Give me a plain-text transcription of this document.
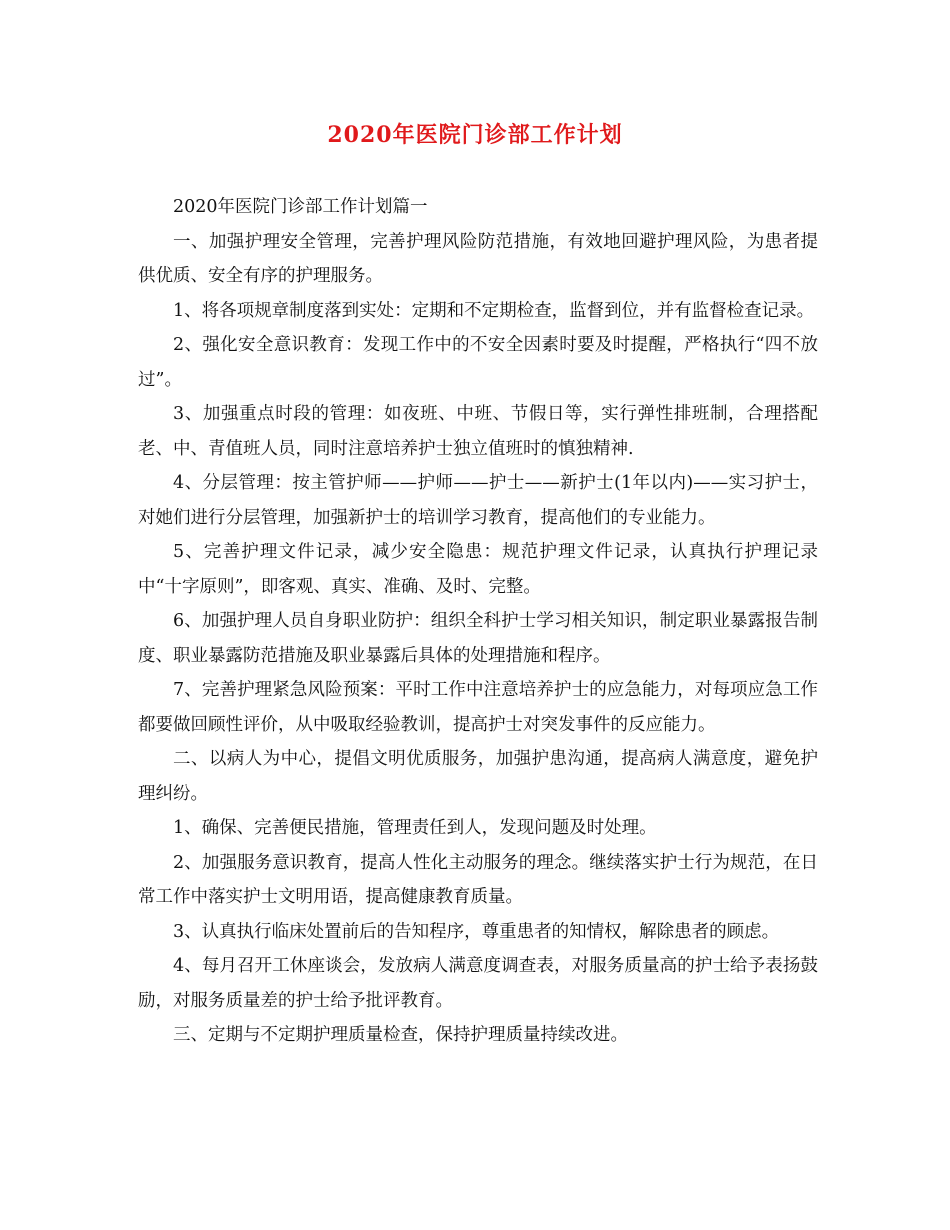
2020年医院门诊部工作计划

2020年医院门诊部工作计划篇一

一、加强护理安全管理，完善护理风险防范措施，有效地回避护理风险，为患者提供优质、安全有序的护理服务。

1、将各项规章制度落到实处：定期和不定期检查，监督到位，并有监督检查记录。

2、强化安全意识教育：发现工作中的不安全因素时要及时提醒，严格执行“四不放过”。

3、加强重点时段的管理：如夜班、中班、节假日等，实行弹性排班制，合理搭配老、中、青值班人员，同时注意培养护士独立值班时的慎独精神.

4、分层管理：按主管护师——护师——护士——新护士(1年以内)——实习护士，对她们进行分层管理，加强新护士的培训学习教育，提高他们的专业能力。

5、完善护理文件记录，减少安全隐患：规范护理文件记录，认真执行护理记录中“十字原则”，即客观、真实、准确、及时、完整。

6、加强护理人员自身职业防护：组织全科护士学习相关知识，制定职业暴露报告制度、职业暴露防范措施及职业暴露后具体的处理措施和程序。

7、完善护理紧急风险预案：平时工作中注意培养护士的应急能力，对每项应急工作都要做回顾性评价，从中吸取经验教训，提高护士对突发事件的反应能力。

二、以病人为中心，提倡文明优质服务，加强护患沟通，提高病人满意度，避免护理纠纷。

1、确保、完善便民措施，管理责任到人，发现问题及时处理。

2、加强服务意识教育，提高人性化主动服务的理念。继续落实护士行为规范，在日常工作中落实护士文明用语，提高健康教育质量。

3、认真执行临床处置前后的告知程序，尊重患者的知情权，解除患者的顾虑。

4、每月召开工休座谈会，发放病人满意度调查表，对服务质量高的护士给予表扬鼓励，对服务质量差的护士给予批评教育。

三、定期与不定期护理质量检查，保持护理质量持续改进。
